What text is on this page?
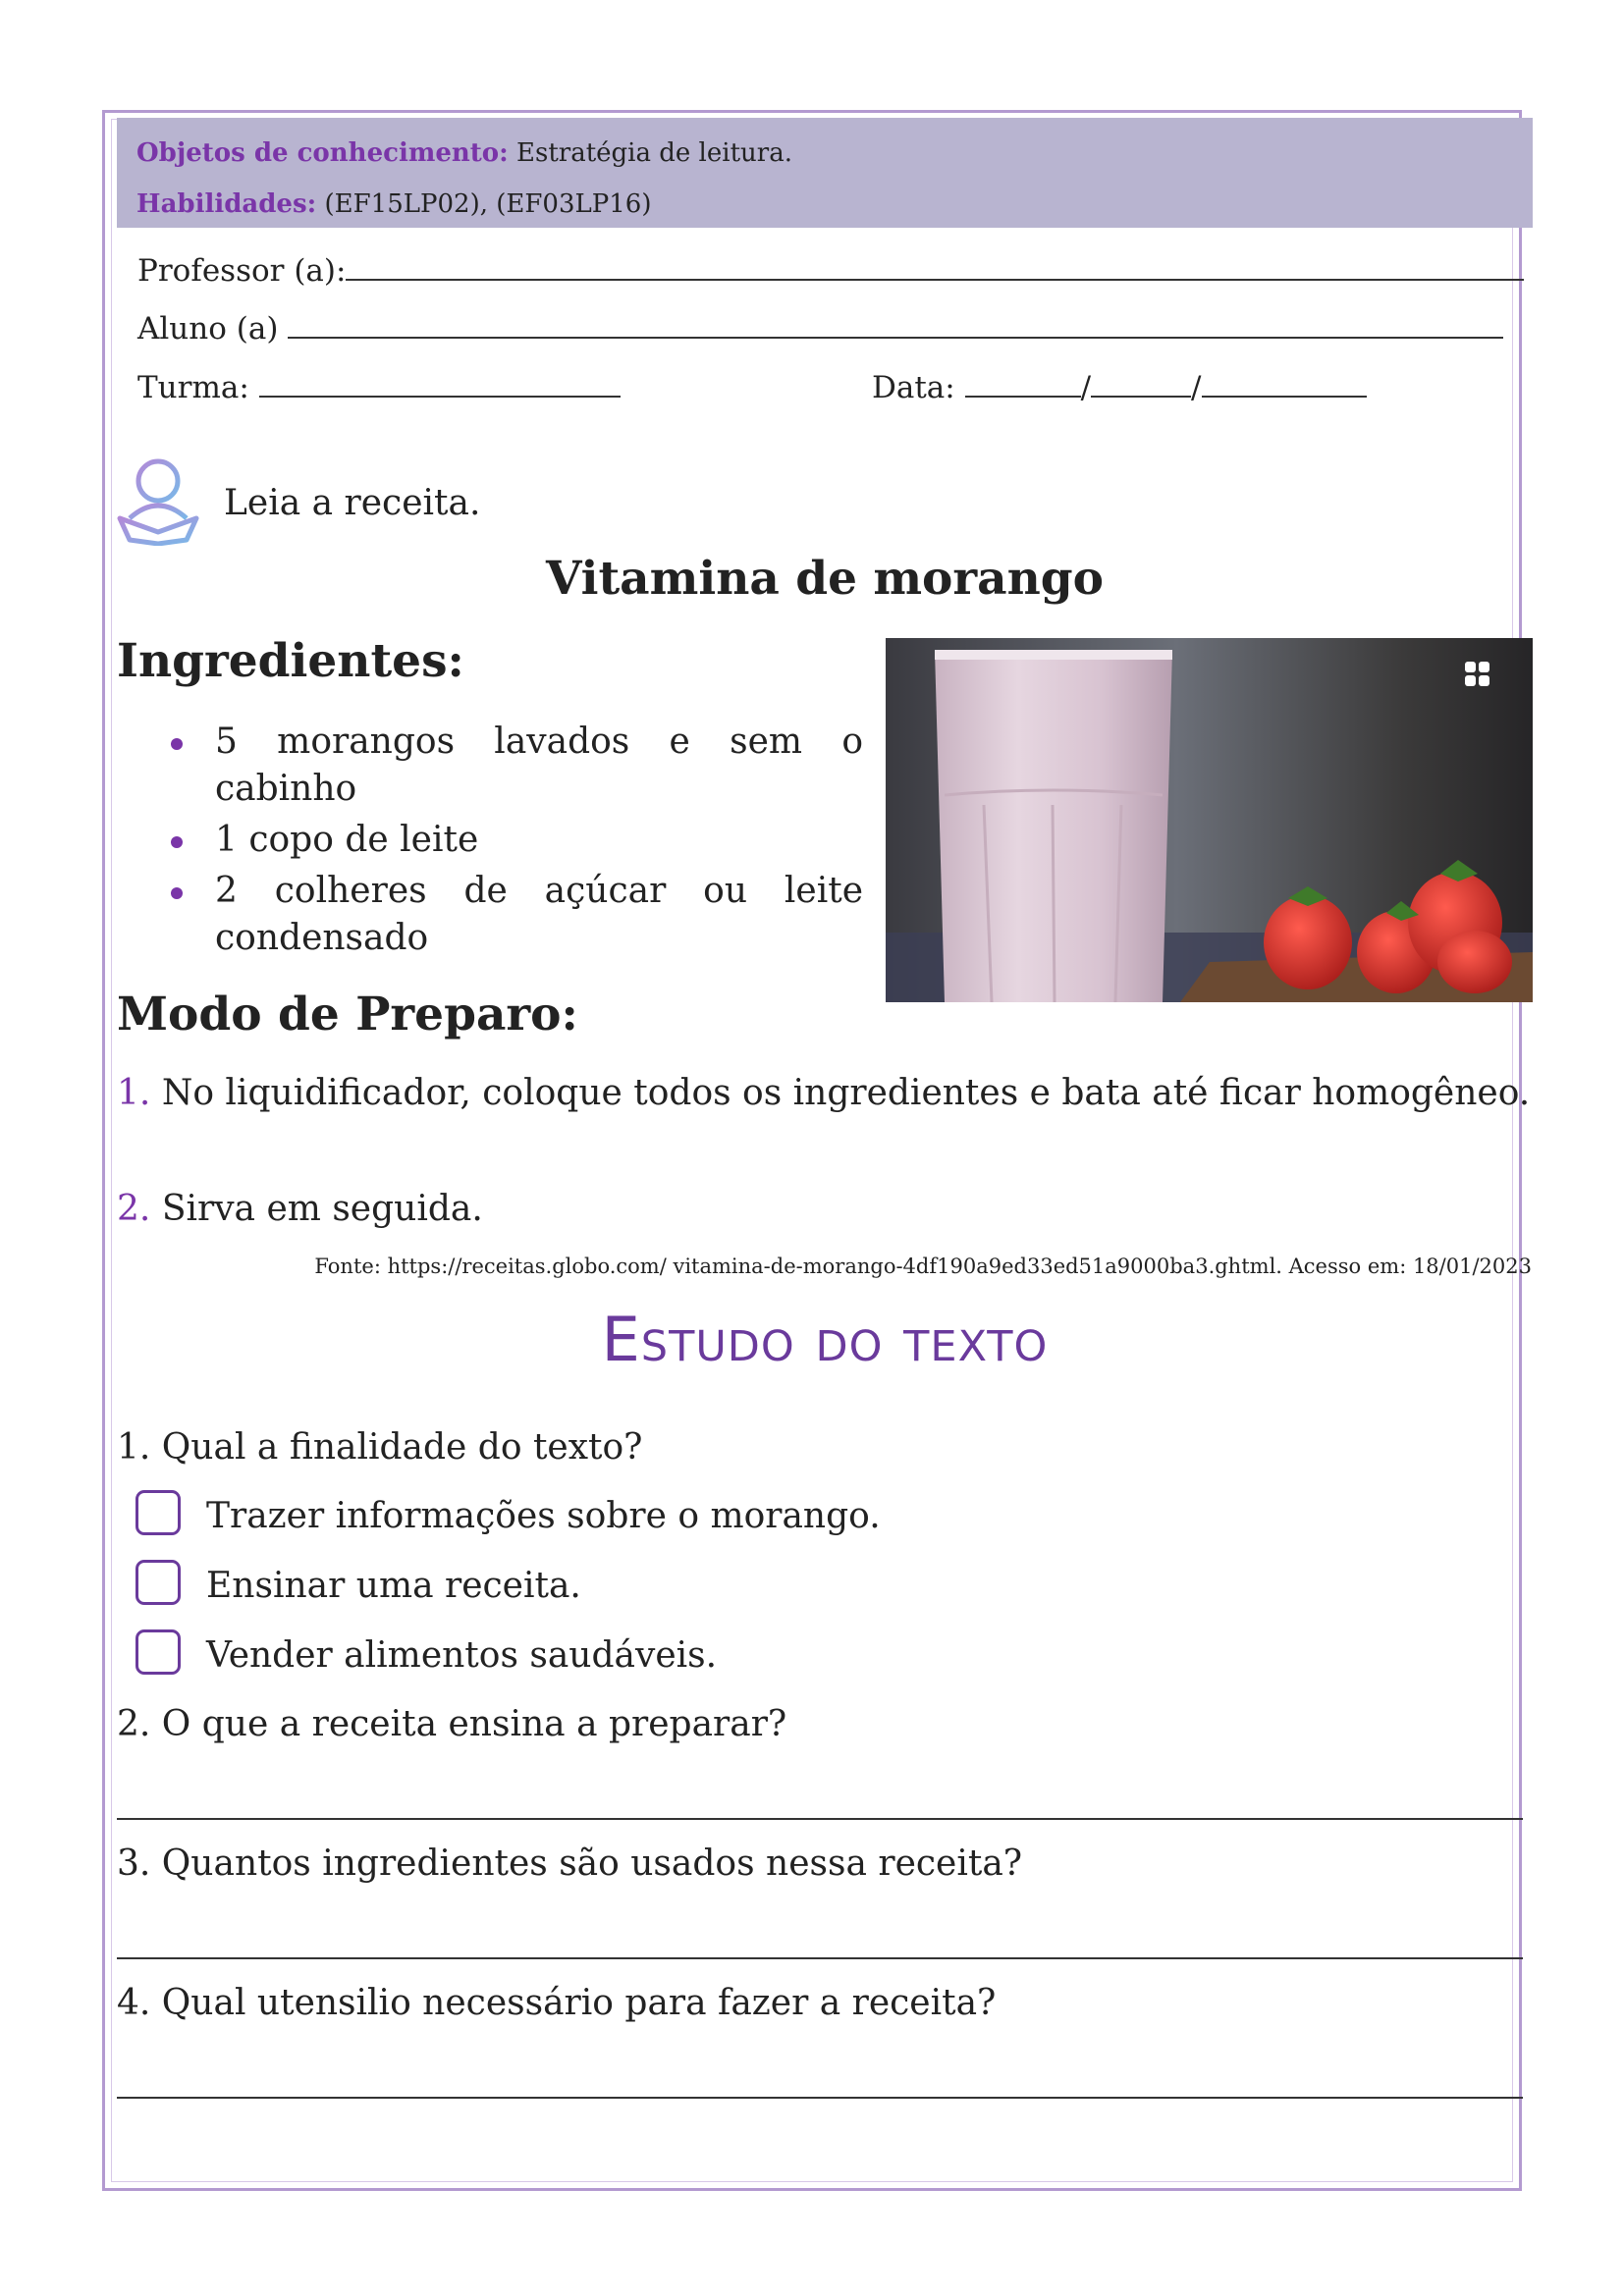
Objetos de conhecimento: Estratégia de leitura.
Habilidades: (EF15LP02), (EF03LP16)
Professor (a):
Aluno (a)
Turma:	Data:	/	/
Leia a receita.
Vitamina de morango
Ingredientes:
5 morangos lavados e sem o cabinho
1 copo de leite
2 colheres de açúcar ou leite condensado
Modo de Preparo:
1. No liquidificador, coloque todos os ingredientes e bata até ficar homogêneo.
2. Sirva em seguida.
Fonte: https://receitas.globo.com/ vitamina-de-morango-4df190a9ed33ed51a9000ba3.ghtml. Acesso em: 18/01/2023
Estudo do texto
1. Qual a finalidade do texto?
Trazer informações sobre o morango.
Ensinar uma receita.
Vender alimentos saudáveis.
2. O que a receita ensina a preparar?
3. Quantos ingredientes são usados nessa receita?
4. Qual utensilio necessário para fazer a receita?
